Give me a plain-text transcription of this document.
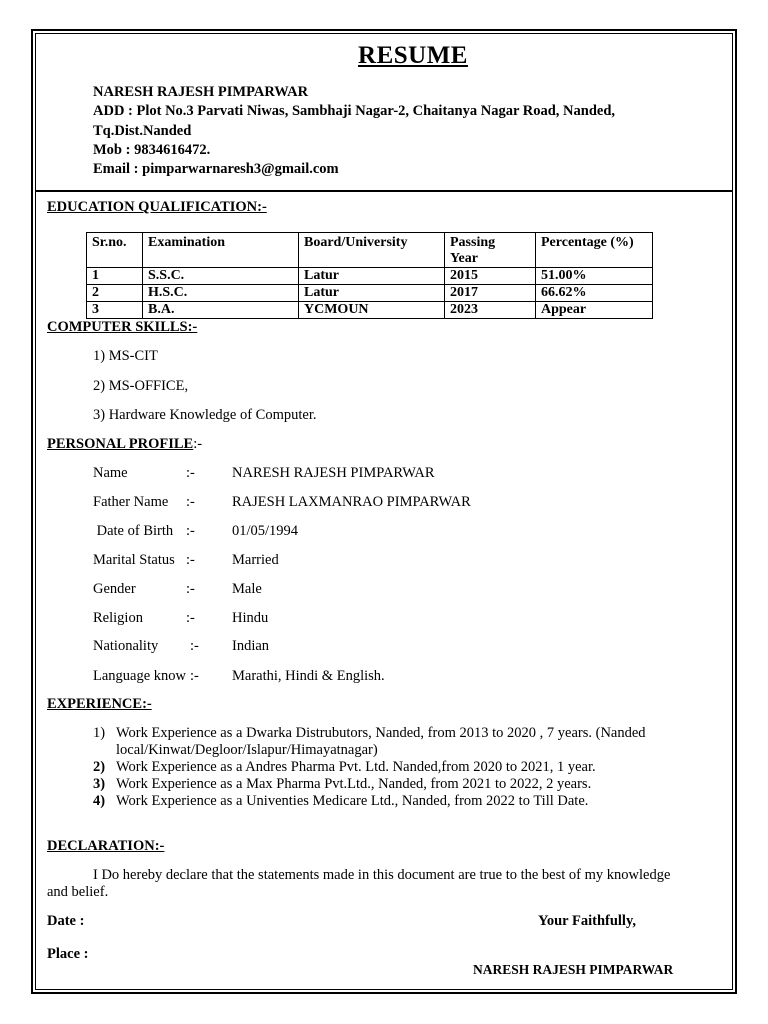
RESUME
NARESH RAJESH PIMPARWAR
ADD : Plot No.3 Parvati Niwas, Sambhaji Nagar-2, Chaitanya Nagar Road, Nanded,
Tq.Dist.Nanded
Mob : 9834616472.
Email : pimparwarnaresh3@gmail.com
EDUCATION QUALIFICATION:-
Sr.no.	Examination	Board/University	Passing Year	Percentage (%)
1	S.S.C.	Latur	2015	51.00%
2	H.S.C.	Latur	2017	66.62%
3	B.A.	YCMOUN	2023	Appear
COMPUTER SKILLS:-
1) MS-CIT
2) MS-OFFICE,
3) Hardware Knowledge of Computer.
PERSONAL PROFILE:-
Name	:-	NARESH RAJESH PIMPARWAR
Father Name :-	RAJESH LAXMANRAO PIMPARWAR
Date of Birth :-	01/05/1994
Marital Status :-	Married
Gender	:-	Male
Religion	:-	Hindu
Nationality :- Indian
Language know :- Marathi, Hindi & English.
EXPERIENCE:-
1) Work Experience as a Dwarka Distrubutors, Nanded, from 2013 to 2020 , 7 years. (Nanded
local/Kinwat/Degloor/Islapur/Himayatnagar)
2) Work Experience as a Andres Pharma Pvt. Ltd. Nanded,from 2020 to 2021, 1 year.
3) Work Experience as a Max Pharma Pvt.Ltd., Nanded, from 2021 to 2022, 2 years.
4) Work Experience as a Univenties Medicare Ltd., Nanded, from 2022 to Till Date.
DECLARATION:-
I Do hereby declare that the statements made in this document are true to the best of my knowledge
and belief.
Date :	Your Faithfully,
Place :
NARESH RAJESH PIMPARWAR
